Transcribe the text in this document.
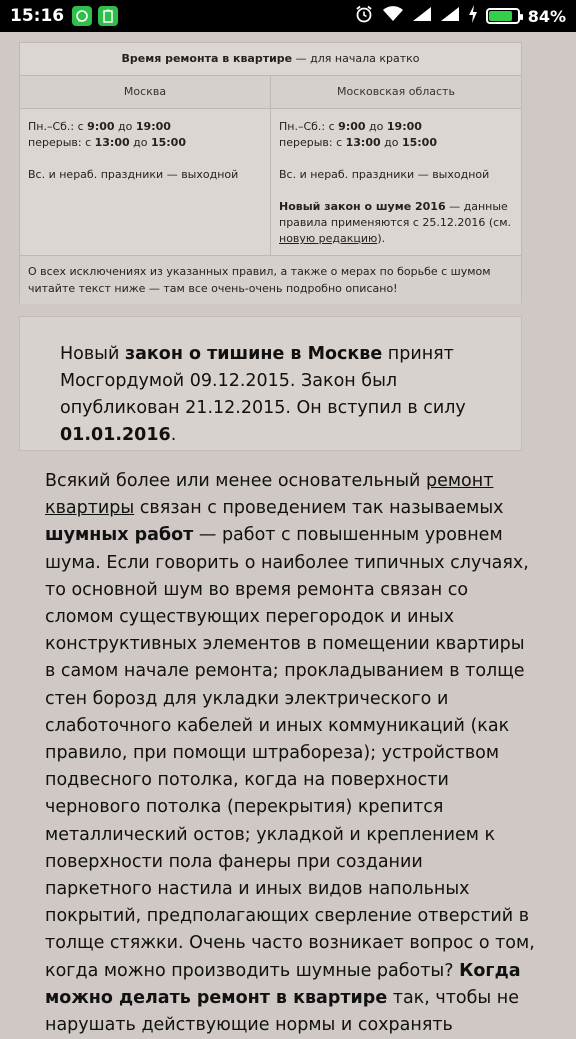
15:16	84%
Время ремонта в квартире — для начала кратко
Москва	Московская область

Пн.–Сб.: с 9:00 до 19:00
перерыв: с 13:00 до 15:00

Вс. и нераб. праздники — выходной

Пн.–Сб.: с 9:00 до 19:00
перерыв: с 13:00 до 15:00

Вс. и нераб. праздники — выходной

Новый закон о шуме 2016 — данные правила применяются с 25.12.2016 (см. новую редакцию).

О всех исключениях из указанных правил, а также о мерах по борьбе с шумом читайте текст ниже — там все очень-очень подробно описано!
Новый закон о тишине в Москве принят Мосгордумой 09.12.2015. Закон был опубликован 21.12.2015. Он вступил в силу 01.01.2016.
Всякий более или менее основательный ремонт квартиры связан с проведением так называемых шумных работ — работ с повышенным уровнем шума. Если говорить о наиболее типичных случаях, то основной шум во время ремонта связан со сломом существующих перегородок и иных конструктивных элементов в помещении квартиры в самом начале ремонта; прокладыванием в толще стен борозд для укладки электрического и слаботочного кабелей и иных коммуникаций (как правило, при помощи штрабореза); устройством подвесного потолка, когда на поверхности чернового потолка (перекрытия) крепится металлический остов; укладкой и креплением к поверхности пола фанеры при создании паркетного настила и иных видов напольных покрытий, предполагающих сверление отверстий в толще стяжки. Очень часто возникает вопрос о том, когда можно производить шумные работы? Когда можно делать ремонт в квартире так, чтобы не нарушать действующие нормы и сохранять
